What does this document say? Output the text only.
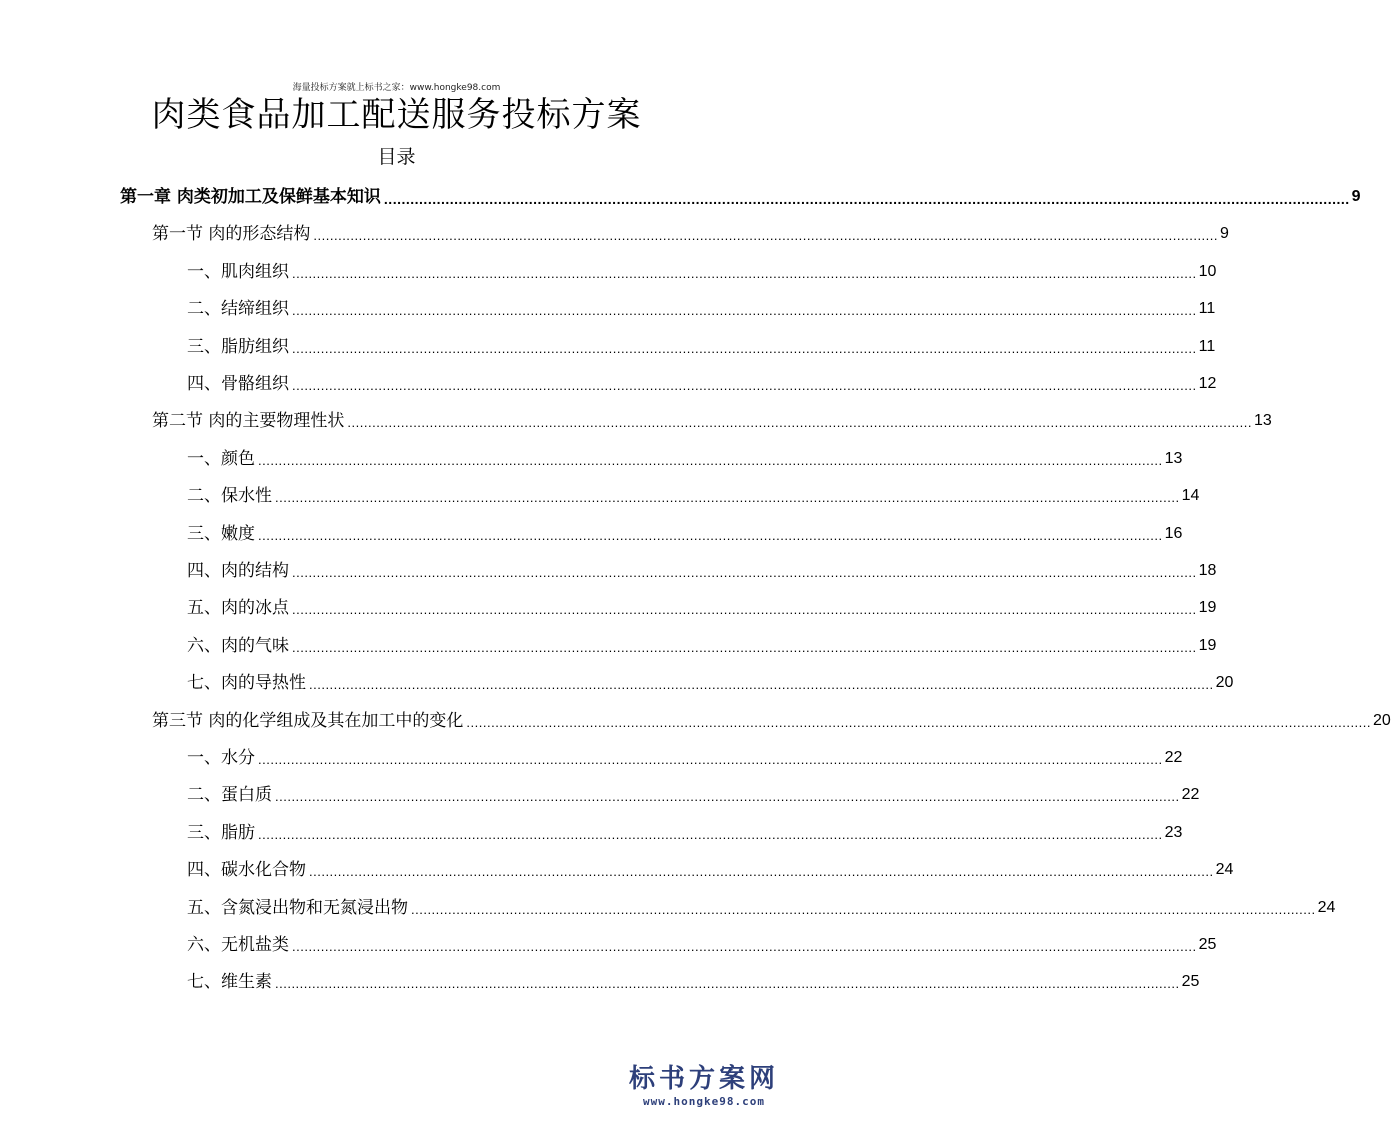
海量投标方案就上标书之家：www.hongke98.com
肉类食品加工配送服务投标方案
目录
第一章 肉类初加工及保鲜基本知识 ............................................................................................................................................................................................................................ 9
第一节 肉的形态结构 ............................................................................................................................................................................................................................ 9
一、肌肉组织 ............................................................................................................................................................................................................................ 10
二、结缔组织 ............................................................................................................................................................................................................................ 11
三、脂肪组织 ............................................................................................................................................................................................................................ 11
四、骨骼组织 ............................................................................................................................................................................................................................ 12
第二节 肉的主要物理性状 ............................................................................................................................................................................................................................ 13
一、颜色 ............................................................................................................................................................................................................................ 13
二、保水性 ............................................................................................................................................................................................................................ 14
三、嫩度 ............................................................................................................................................................................................................................ 16
四、肉的结构 ............................................................................................................................................................................................................................ 18
五、肉的冰点 ............................................................................................................................................................................................................................ 19
六、肉的气味 ............................................................................................................................................................................................................................ 19
七、肉的导热性 ............................................................................................................................................................................................................................ 20
第三节 肉的化学组成及其在加工中的变化 ............................................................................................................................................................................................................................ 20
一、水分 ............................................................................................................................................................................................................................ 22
二、蛋白质 ............................................................................................................................................................................................................................ 22
三、脂肪 ............................................................................................................................................................................................................................ 23
四、碳水化合物 ............................................................................................................................................................................................................................ 24
五、含氮浸出物和无氮浸出物 ............................................................................................................................................................................................................................ 24
六、无机盐类 ............................................................................................................................................................................................................................ 25
七、维生素 ............................................................................................................................................................................................................................ 25
标书方案网
www.hongke98.com
